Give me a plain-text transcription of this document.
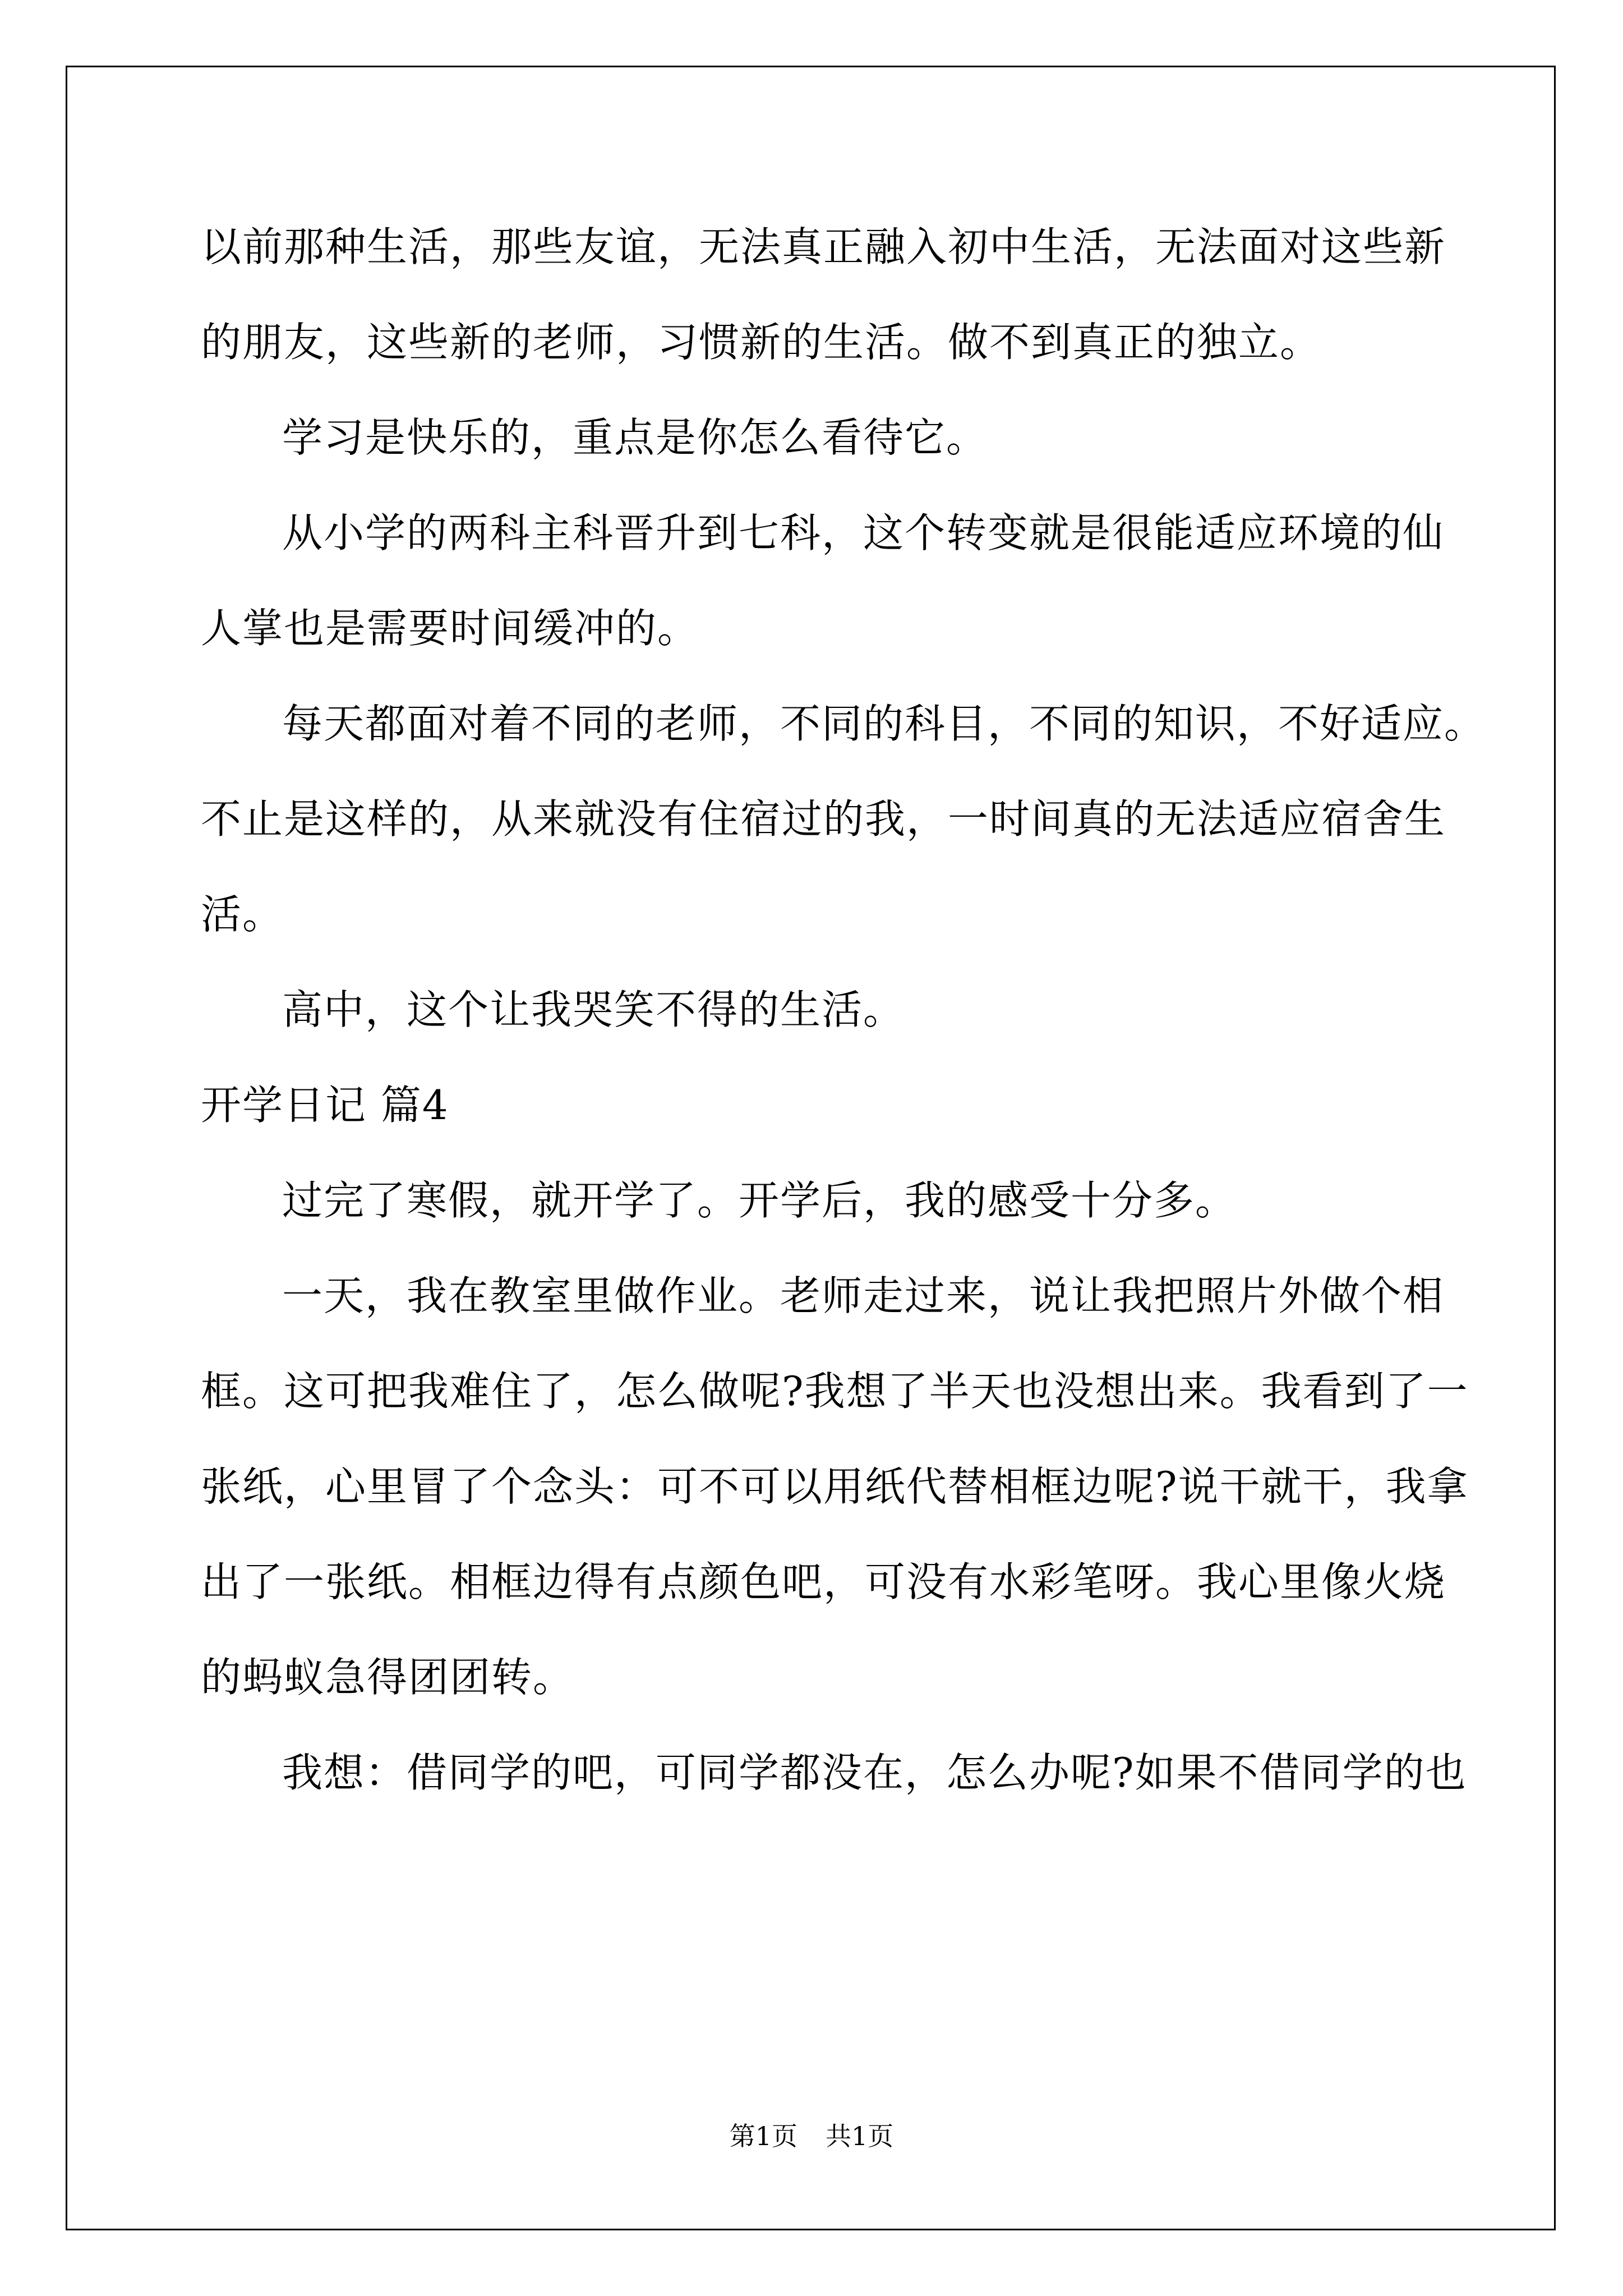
以前那种生活，那些友谊，无法真正融入初中生活，无法面对这些新
的朋友，这些新的老师，习惯新的生活。做不到真正的独立。
学习是快乐的，重点是你怎么看待它。
从小学的两科主科晋升到七科，这个转变就是很能适应环境的仙
人掌也是需要时间缓冲的。
每天都面对着不同的老师，不同的科目，不同的知识，不好适应。
不止是这样的，从来就没有住宿过的我，一时间真的无法适应宿舍生
活。
高中，这个让我哭笑不得的生活。
开学日记 篇4
过完了寒假，就开学了。开学后，我的感受十分多。
一天，我在教室里做作业。老师走过来，说让我把照片外做个相
框。这可把我难住了，怎么做呢?我想了半天也没想出来。我看到了一
张纸，心里冒了个念头：可不可以用纸代替相框边呢?说干就干，我拿
出了一张纸。相框边得有点颜色吧，可没有水彩笔呀。我心里像火烧
的蚂蚁急得团团转。
我想：借同学的吧，可同学都没在，怎么办呢?如果不借同学的也
第1页 共1页
